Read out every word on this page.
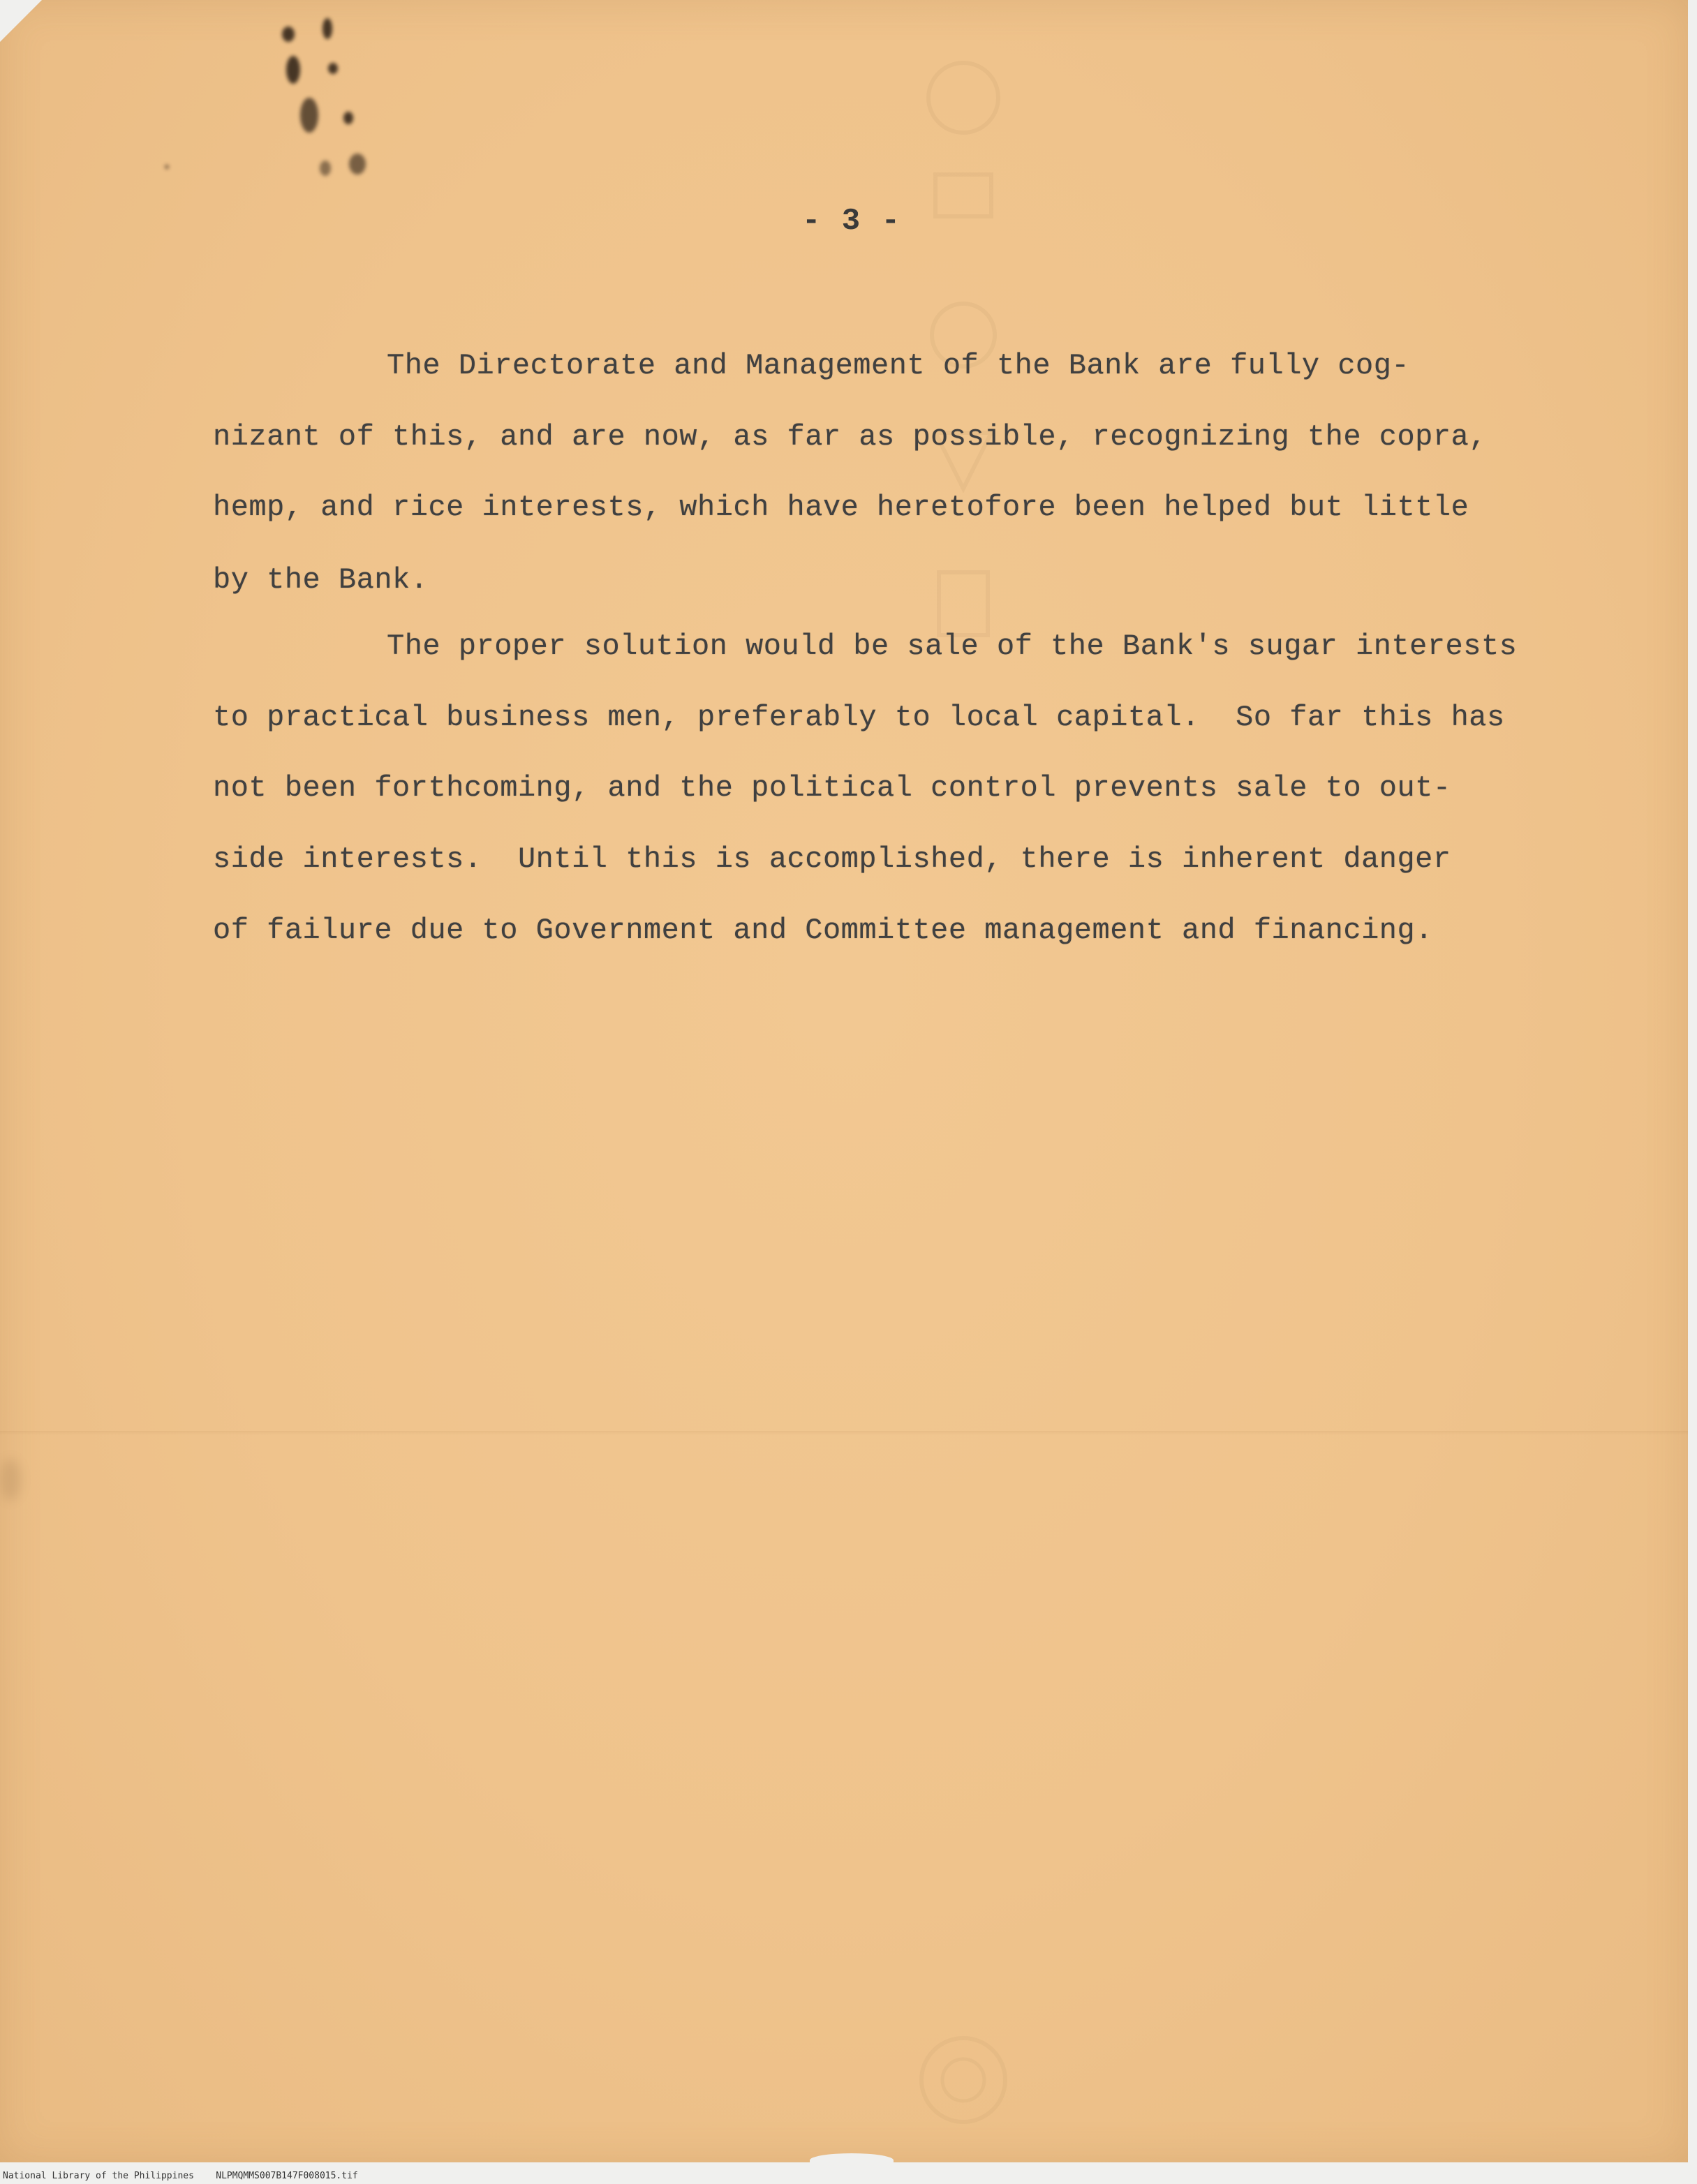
- 3 -
The Directorate and Management of the Bank are fully cog-
nizant of this, and are now, as far as possible, recognizing the copra,
hemp, and rice interests, which have heretofore been helped but little
by the Bank.
The proper solution would be sale of the Bank's sugar interests
to practical business men, preferably to local capital.  So far this has
not been forthcoming, and the political control prevents sale to out-
side interests.  Until this is accomplished, there is inherent danger
of failure due to Government and Committee management and financing.
National Library of the Philippines NLPMQMMS007B147F008015.tif
